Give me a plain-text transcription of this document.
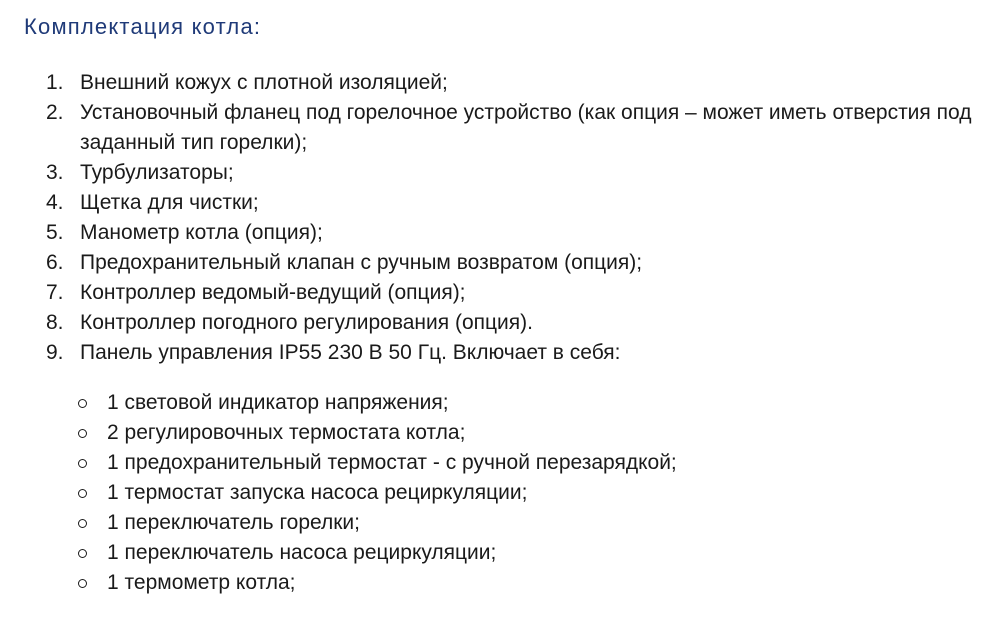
Комплектация котла:
1. Внешний кожух с плотной изоляцией;
2. Установочный фланец под горелочное устройство (как опция – может иметь отверстия под заданный тип горелки);
3. Турбулизаторы;
4. Щетка для чистки;
5. Манометр котла (опция);
6. Предохранительный клапан с ручным возвратом (опция);
7. Контроллер ведомый-ведущий (опция);
8. Контроллер погодного регулирования (опция).
9. Панель управления IP55 230 В 50 Гц. Включает в себя:
1 световой индикатор напряжения;
2 регулировочных термостата котла;
1 предохранительный термостат - с ручной перезарядкой;
1 термостат запуска насоса рециркуляции;
1 переключатель горелки;
1 переключатель насоса рециркуляции;
1 термометр котла;
